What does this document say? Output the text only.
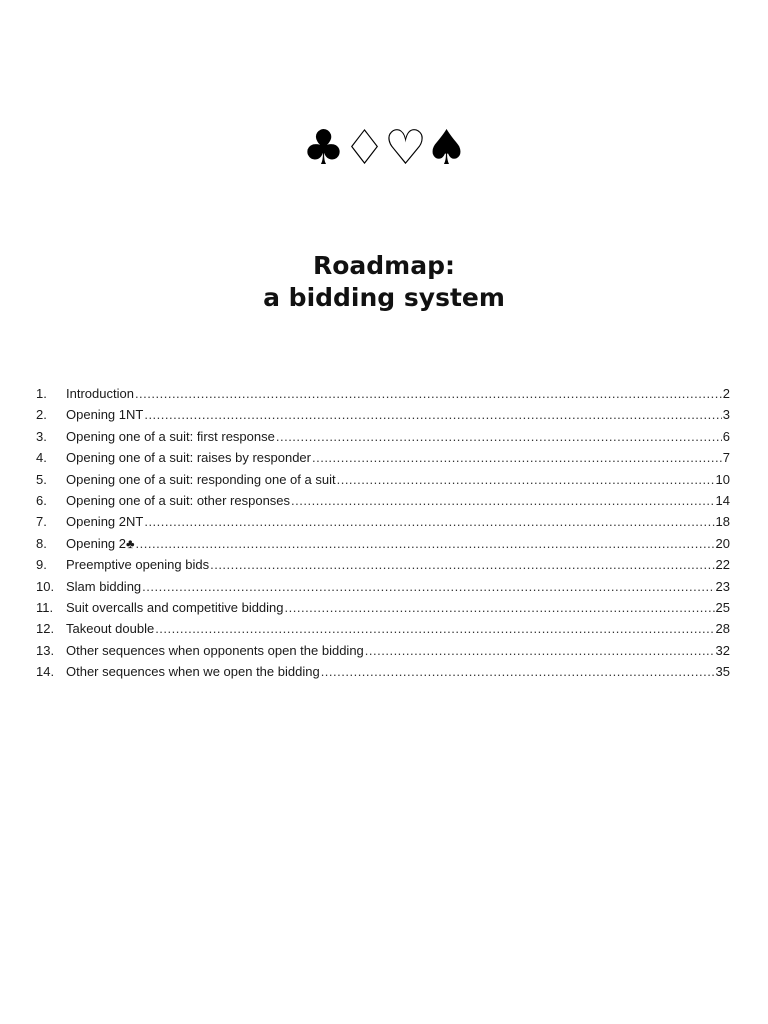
♣♢♡♠
Roadmap:
a bidding system
1.	Introduction .....	2
2.	Opening 1NT .....	3
3.	Opening one of a suit: first response .....	6
4.	Opening one of a suit: raises by responder .....	7
5.	Opening one of a suit: responding one of a suit .....	10
6.	Opening one of a suit: other responses .....	14
7.	Opening 2NT .....	18
8.	Opening 2♣ .....	20
9.	Preemptive opening bids .....	22
10. Slam bidding .....	23
11. Suit overcalls and competitive bidding .....	25
12. Takeout double .....	28
13. Other sequences when opponents open the bidding .....	32
14. Other sequences when we open the bidding .....	35
